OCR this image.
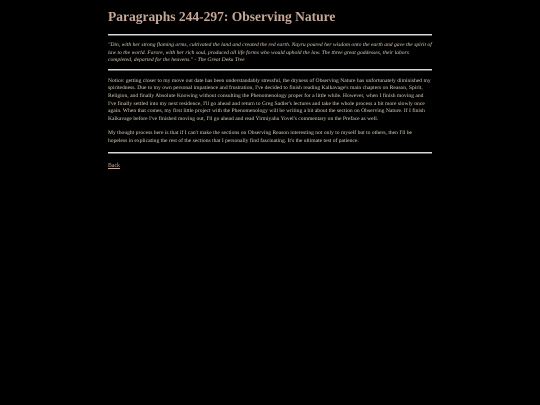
Paragraphs 244-297: Observing Nature

"Din, with her strong flaming arms, cultivated the land and created the red earth. Nayru poured her wisdom onto the earth and gave the spirit of law to the world. Farore, with her rich soul, produced all life forms who would uphold the law. The three great goddesses, their labors completed, departed for the heavens." - The Great Deku Tree

Notice: getting closer to my move out date has been understandably stressful, the dryness of Observing Nature has unfortunately diminished my spiritedness. Due to my own personal impatience and frustration, I've decided to finish reading Kalkavage's main chapters on Reason, Spirit, Religion, and finally Absolute Knowing without consulting the Phenomenology proper for a little while. However, when I finish moving and I've finally settled into my next residence, I'll go ahead and return to Greg Sadler's lectures and take the whole process a bit more slowly once again. When that comes, my first little project with the Phenomenology will be writing a bit about the section on Observing Nature. If I finish Kalkavage before I've finished moving out, I'll go ahead and read Yirmiyahu Yovel's commentary on the Preface as well.

My thought process here is that if I can't make the sections on Observing Reason interesting not only to myself but to others, then I'll be hopeless in explicating the rest of the sections that I personally find fascinating. It's the ultimate test of patience.

Back
